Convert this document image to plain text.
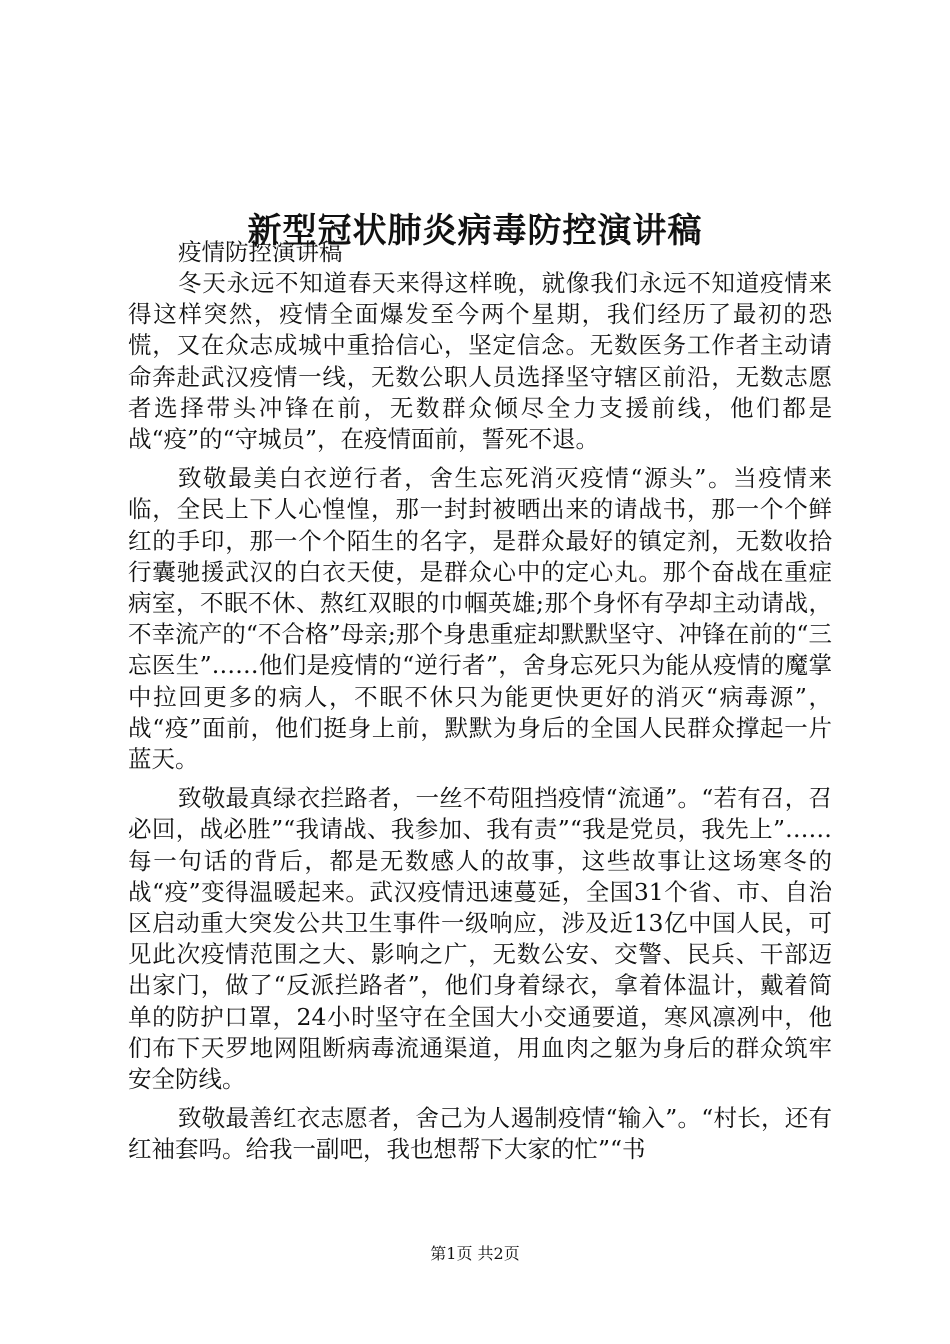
新型冠状肺炎病毒防控演讲稿

疫情防控演讲稿

冬天永远不知道春天来得这样晚，就像我们永远不知道疫情来得这样突然，疫情全面爆发至今两个星期，我们经历了最初的恐慌，又在众志成城中重拾信心，坚定信念。无数医务工作者主动请命奔赴武汉疫情一线，无数公职人员选择坚守辖区前沿，无数志愿者选择带头冲锋在前，无数群众倾尽全力支援前线，他们都是战“疫”的“守城员”，在疫情面前，誓死不退。

致敬最美白衣逆行者，舍生忘死消灭疫情“源头”。当疫情来临，全民上下人心惶惶，那一封封被晒出来的请战书，那一个个鲜红的手印，那一个个陌生的名字，是群众最好的镇定剂，无数收拾行囊驰援武汉的白衣天使，是群众心中的定心丸。那个奋战在重症病室，不眠不休、熬红双眼的巾帼英雄;那个身怀有孕却主动请战，不幸流产的“不合格”母亲;那个身患重症却默默坚守、冲锋在前的“三忘医生”……他们是疫情的“逆行者”，舍身忘死只为能从疫情的魔掌中拉回更多的病人，不眠不休只为能更快更好的消灭“病毒源”，战“疫”面前，他们挺身上前，默默为身后的全国人民群众撑起一片蓝天。

致敬最真绿衣拦路者，一丝不苟阻挡疫情“流通”。“若有召，召必回，战必胜”“我请战、我参加、我有责”“我是党员，我先上”……每一句话的背后，都是无数感人的故事，这些故事让这场寒冬的战“疫”变得温暖起来。武汉疫情迅速蔓延，全国31个省、市、自治区启动重大突发公共卫生事件一级响应，涉及近13亿中国人民，可见此次疫情范围之大、影响之广，无数公安、交警、民兵、干部迈出家门，做了“反派拦路者”，他们身着绿衣，拿着体温计，戴着简单的防护口罩，24小时坚守在全国大小交通要道，寒风凛冽中，他们布下天罗地网阻断病毒流通渠道，用血肉之躯为身后的群众筑牢安全防线。

致敬最善红衣志愿者，舍己为人遏制疫情“输入”。“村长，还有红袖套吗。给我一副吧，我也想帮下大家的忙”“书

第1页 共2页
